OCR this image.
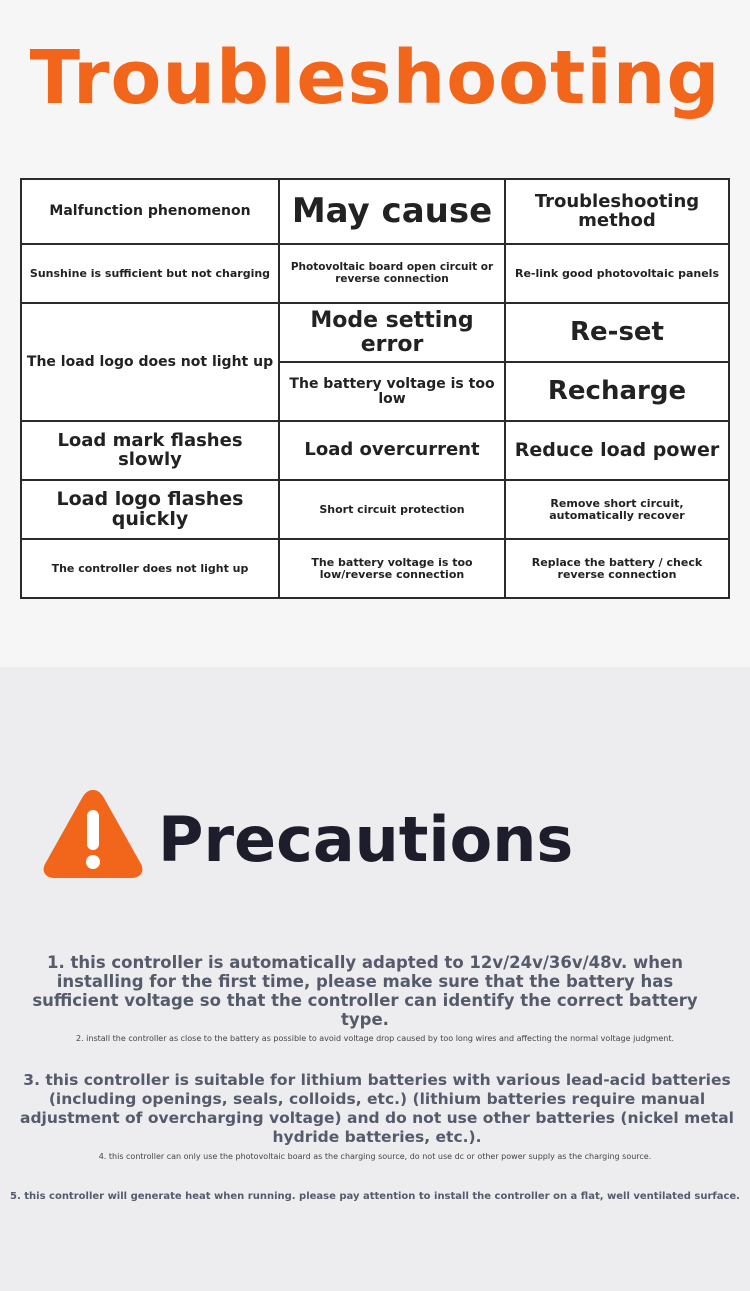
Troubleshooting
Malfunction phenomenon	May cause	Troubleshooting method
Sunshine is sufficient but not charging	Photovoltaic board open circuit or reverse connection	Re-link good photovoltaic panels
The load logo does not light up	Mode setting error	Re-set
	The battery voltage is too low	Recharge
Load mark flashes slowly	Load overcurrent	Reduce load power
Load logo flashes quickly	Short circuit protection	Remove short circuit, automatically recover
The controller does not light up	The battery voltage is too low/reverse connection	Replace the battery / check reverse connection
Precautions
1. this controller is automatically adapted to 12v/24v/36v/48v. when installing for the first time, please make sure that the battery has sufficient voltage so that the controller can identify the correct battery type.
2. install the controller as close to the battery as possible to avoid voltage drop caused by too long wires and affecting the normal voltage judgment.
3. this controller is suitable for lithium batteries with various lead-acid batteries (including openings, seals, colloids, etc.) (lithium batteries require manual adjustment of overcharging voltage) and do not use other batteries (nickel metal hydride batteries, etc.).
4. this controller can only use the photovoltaic board as the charging source, do not use dc or other power supply as the charging source.
5. this controller will generate heat when running. please pay attention to install the controller on a flat, well ventilated surface.
